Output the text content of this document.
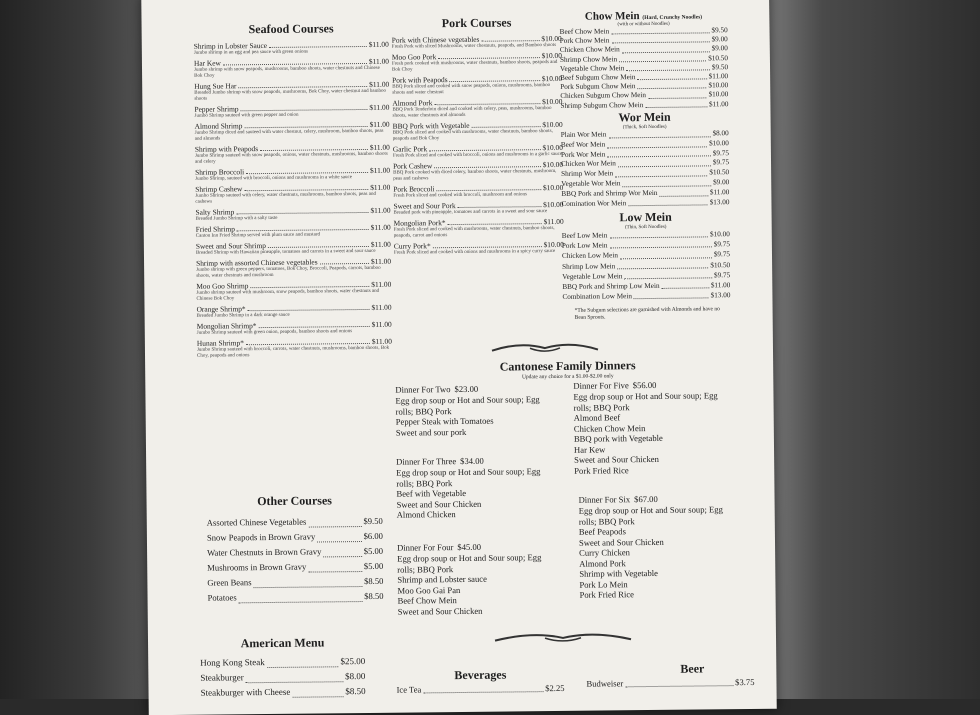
Seafood Courses
Shrimp in Lobster Sauce	$11.00
Jumbo shrimp in an egg and pea sauce with green onions
Har Kew	$11.00
Jumbo shrimp with snow peapods, mushrooms, bamboo shoots, water chestnuts and Chinese Bok Choy
Hung Sue Har	$11.00
Breaded Jumbo shrimp with snow peapods, mushrooms, Bok Choy, water chestnut and bamboo shoots
Pepper Shrimp	$11.00
Jumbo Shrimp sauteed with green pepper and onion
Almond Shrimp	$11.00
Jumbo Shrimp diced and sauteed with water chestnut, celery, mushroom, bamboo shoots, peas and almonds
Shrimp with Peapods	$11.00
Jumbo Shrimp sauteed with snow peapods, onions, water chestnuts, mushrooms, bamboo shoots and celery
Shrimp Broccoli	$11.00
Jumbo Shrimp, sauteed with broccoli, onions and mushrooms in a white sauce
Shrimp Cashew	$11.00
Jumbo Shrimp sauteed with celery, water chestnuts, mushrooms, bamboo shoots, peas and cashews
Salty Shrimp	$11.00
Breaded Jumbo Shrimp with a salty taste
Fried Shrimp	$11.00
Canton Inn Fried Shrimp served with plum sauce and mustard
Sweet and Sour Shrimp	$11.00
Breaded Shrimp with Hawaiian pineapple, tomatoes and carrots in a sweet and sour sauce
Shrimp with assorted Chinese vegetables	$11.00
Jumbo shrimp with green peppers, tomatoes, Bok Choy, Broccoli, Peapods, carrots, bamboo shoots, water chestnuts and mushroom
Moo Goo Shrimp	$11.00
Jumbo shrimp sauteed with mushroom, snow peapods, bamboo shoots, water chestnuts and Chinese Bok Choy
Orange Shrimp*	$11.00
Breaded Jumbo Shrimp in a dark orange sauce
Mongolian Shrimp*	$11.00
Jumbo Shrimp sauteed with green onion, peapods, bamboo shoots and onions
Hunan Shrimp*	$11.00
Jumbo Shrimp sauteed with broccoli, carrots, water chestnuts, mushrooms, bamboo shoots, Bok Choy, peapods and onions
Other Courses
Assorted Chinese Vegetables	$9.50
Snow Peapods in Brown Gravy	$6.00
Water Chestnuts in Brown Gravy	$5.00
Mushrooms in Brown Gravy	$5.00
Green Beans	$8.50
Potatoes	$8.50
American Menu
Hong Kong Steak	$25.00
Steakburger	$8.00
Steakburger with Cheese	$8.50
Pork Courses
Pork with Chinese vegetables	$10.00
Fresh Pork with sliced Mushrooms, water chestnuts, peapods, and Bamboo shoots
Moo Goo Pork	$10.00
Fresh pork cooked with mushrooms, water chestnuts, bamboo shoots, peapods and Bok Choy
Pork with Peapods	$10.00
BBQ Pork sliced and cooked with snow peapods, onions, mushrooms, bamboo shoots and water chestnut
Almond Pork	$10.00
BBQ Pork Tenderloin diced and cooked with celery, peas, mushrooms, bamboo shoots, water chestnuts and almonds
BBQ Pork with Vegetable	$10.00
BBQ Pork sliced and cooked with mushrooms, water chestnuts, bamboo shoots, peapods and Bok Choy
Garlic Pork	$10.00
Fresh Pork sliced and cooked with broccoli, onions and mushrooms in a garlic sauce
Pork Cashew	$10.00
BBQ Pork cooked with diced celery, bamboo shoots, water chestnuts, mushroom, peas and cashews
Pork Broccoli	$10.00
Fresh Pork sliced and cooked with broccoli, mushroom and onions
Sweet and Sour Pork	$10.00
Breaded pork with pineapple, tomatoes and carrots in a sweet and sour sauce
Mongolian Pork*	$11.00
Fresh Pork sliced and cooked with mushrooms, water chestnuts, bamboo shoots, peapods, carrot and onions
Curry Pork*	$10.00
Fresh Pork sliced and cooked with onions and mushrooms in a spicy curry sauce
Chow Mein (Hard, Crunchy Noodles)
(with or without Noodles)
Beef Chow Mein	$9.50
Pork Chow Mein	$9.00
Chicken Chow Mein	$9.00
Shrimp Chow Mein	$10.50
Vegetable Chow Mein	$9.50
Beef Subgum Chow Mein	$11.00
Pork Subgum Chow Mein	$10.00
Chicken Subgum Chow Mein	$10.00
Shrimp Subgum Chow Mein	$11.00
Wor Mein
(Thick, Soft Noodles)
Plain Wor Mein	$8.00
Beef Wor Mein	$10.00
Pork Wor Mein	$9.75
Chicken Wor Mein	$9.75
Shrimp Wor Mein	$10.50
Vegetable Wor Mein	$9.00
BBQ Pork and Shrimp Wor Mein	$11.00
Comination Wor Mein	$13.00
Low Mein
(Thin, Soft Noodles)
Beef Low Mein	$10.00
Pork Low Mein	$9.75
Chicken Low Mein	$9.75
Shrimp Low Mein	$10.50
Vegetable Low Mein	$9.75
BBQ Pork and Shrimp Low Mein	$11.00
Combination Low Mein	$13.00
*The Subgum selections are garnished with Almonds and have no Bean Sprouts.
Cantonese Family Dinners
Update any choice for a $1.00-$2.00 only
Dinner For Two $23.00
Egg drop soup or Hot and Sour soup; Egg rolls; BBQ Pork
Pepper Steak with Tomatoes
Sweet and sour pork
Dinner For Five $56.00
Egg drop soup or Hot and Sour soup; Egg rolls; BBQ Pork
Almond Beef
Chicken Chow Mein
BBQ pork with Vegetable
Har Kew
Sweet and Sour Chicken
Pork Fried Rice
Dinner For Three $34.00
Egg drop soup or Hot and Sour soup; Egg rolls; BBQ Pork
Beef with Vegetable
Sweet and Sour Chicken
Almond Chicken
Dinner For Six $67.00
Egg drop soup or Hot and Sour soup; Egg rolls; BBQ Pork
Beef Peapods
Sweet and Sour Chicken
Curry Chicken
Almond Pork
Shrimp with Vegetable
Pork Lo Mein
Pork Fried Rice
Dinner For Four $45.00
Egg drop soup or Hot and Sour soup; Egg rolls; BBQ Pork
Shrimp and Lobster sauce
Moo Goo Gai Pan
Beef Chow Mein
Sweet and Sour Chicken
Beverages
Ice Tea	$2.25
Beer
Budweiser	$3.75
